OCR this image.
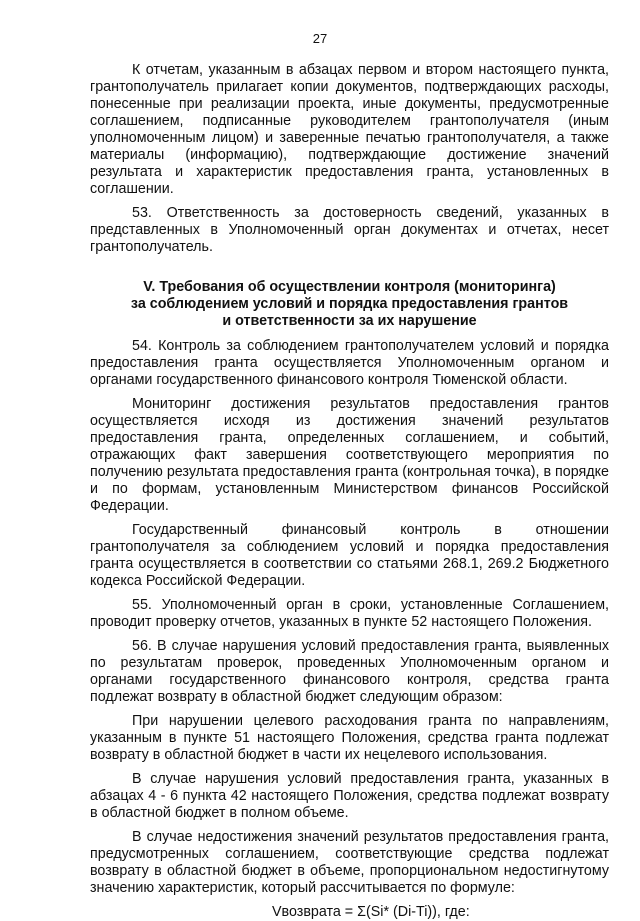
27

К отчетам, указанным в абзацах первом и втором настоящего пункта, грантополучатель прилагает копии документов, подтверждающих расходы, понесенные при реализации проекта, иные документы, предусмотренные соглашением, подписанные руководителем грантополучателя (иным уполномоченным лицом) и заверенные печатью грантополучателя, а также материалы (информацию), подтверждающие достижение значений результата и характеристик предоставления гранта, установленных в соглашении.

53. Ответственность за достоверность сведений, указанных в представленных в Уполномоченный орган документах и отчетах, несет грантополучатель.

V. Требования об осуществлении контроля (мониторинга)
за соблюдением условий и порядка предоставления грантов
и ответственности за их нарушение

54. Контроль за соблюдением грантополучателем условий и порядка предоставления гранта осуществляется Уполномоченным органом и органами государственного финансового контроля Тюменской области.

Мониторинг достижения результатов предоставления грантов осуществляется исходя из достижения значений результатов предоставления гранта, определенных соглашением, и событий, отражающих факт завершения соответствующего мероприятия по получению результата предоставления гранта (контрольная точка), в порядке и по формам, установленным Министерством финансов Российской Федерации.

Государственный финансовый контроль в отношении грантополучателя за соблюдением условий и порядка предоставления гранта осуществляется в соответствии со статьями 268.1, 269.2 Бюджетного кодекса Российской Федерации.

55. Уполномоченный орган в сроки, установленные Соглашением, проводит проверку отчетов, указанных в пункте 52 настоящего Положения.

56. В случае нарушения условий предоставления гранта, выявленных по результатам проверок, проведенных Уполномоченным органом и органами государственного финансового контроля, средства гранта подлежат возврату в областной бюджет следующим образом:

При нарушении целевого расходования гранта по направлениям, указанным в пункте 51 настоящего Положения, средства гранта подлежат возврату в областной бюджет в части их нецелевого использования.

В случае нарушения условий предоставления гранта, указанных в абзацах 4 - 6 пункта 42 настоящего Положения, средства подлежат возврату в областной бюджет в полном объеме.

В случае недостижения значений результатов предоставления гранта, предусмотренных соглашением, соответствующие средства подлежат возврату в областной бюджет в объеме, пропорциональном недостигнутому значению характеристик, который рассчитывается по формуле:

Vвозврата = Σ(Si* (Di-Ti)), где:
